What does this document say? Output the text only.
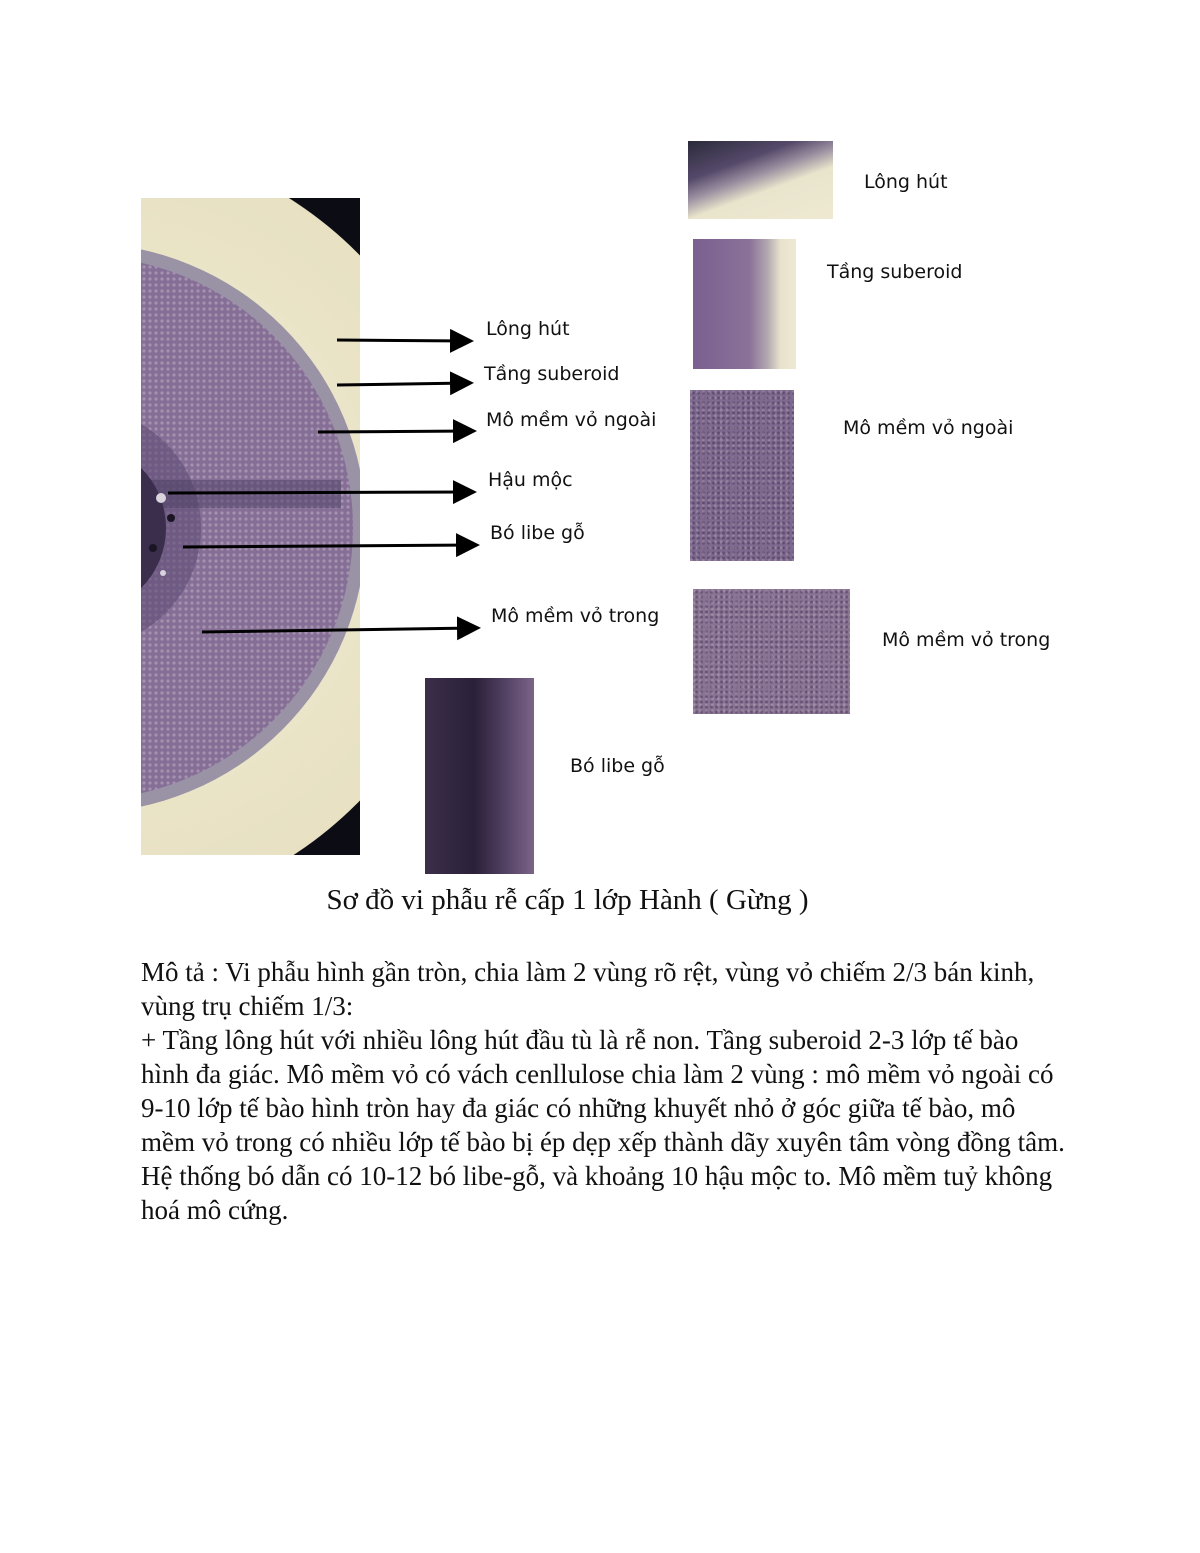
Lông hút
Tầng suberoid
Mô mềm vỏ ngoài
Hậu mộc
Bó libe gỗ
Mô mềm vỏ trong
Lông hút
Tầng suberoid
Mô mềm vỏ ngoài
Mô mềm vỏ trong
Bó libe gỗ
Sơ đồ vi phẫu rễ cấp 1 lớp Hành ( Gừng )

Mô tả : Vi phẫu hình gần tròn, chia làm 2 vùng rõ rệt, vùng vỏ chiếm 2/3 bán kinh, vùng trụ chiếm 1/3:

+ Tầng lông hút với nhiều lông hút đầu tù là rễ non. Tầng suberoid 2-3 lớp tế bào hình đa giác. Mô mềm vỏ có vách cenllulose chia làm 2 vùng : mô mềm vỏ ngoài có 9-10 lớp tế bào hình tròn hay đa giác có những khuyết nhỏ ở góc giữa tế bào, mô mềm vỏ trong có nhiều lớp tế bào bị ép dẹp xếp thành dãy xuyên tâm vòng đồng tâm. Hệ thống bó dẫn có 10-12 bó libe-gỗ, và khoảng 10 hậu mộc to. Mô mềm tuỷ không hoá mô cứng.
